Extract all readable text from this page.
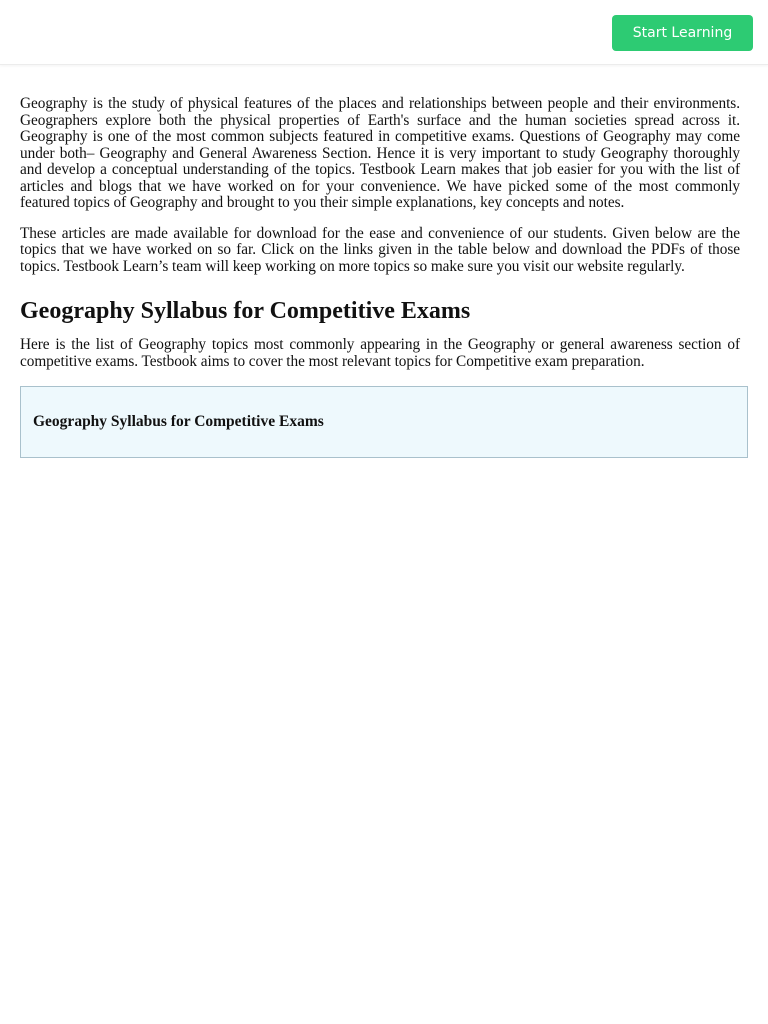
Start Learning

Geography is the study of physical features of the places and relationships between people and their environments. Geographers explore both the physical properties of Earth's surface and the human societies spread across it. Geography is one of the most common subjects featured in competitive exams. Questions of Geography may come under both– Geography and General Awareness Section. Hence it is very important to study Geography thoroughly and develop a conceptual understanding of the topics. Testbook Learn makes that job easier for you with the list of articles and blogs that we have worked on for your convenience. We have picked some of the most commonly featured topics of Geography and brought to you their simple explanations, key concepts and notes.

These articles are made available for download for the ease and convenience of our students. Given below are the topics that we have worked on so far. Click on the links given in the table below and download the PDFs of those topics. Testbook Learn’s team will keep working on more topics so make sure you visit our website regularly.

Geography Syllabus for Competitive Exams

Here is the list of Geography topics most commonly appearing in the Geography or general awareness section of competitive exams. Testbook aims to cover the most relevant topics for Competitive exam preparation.

Geography Syllabus for Competitive Exams
